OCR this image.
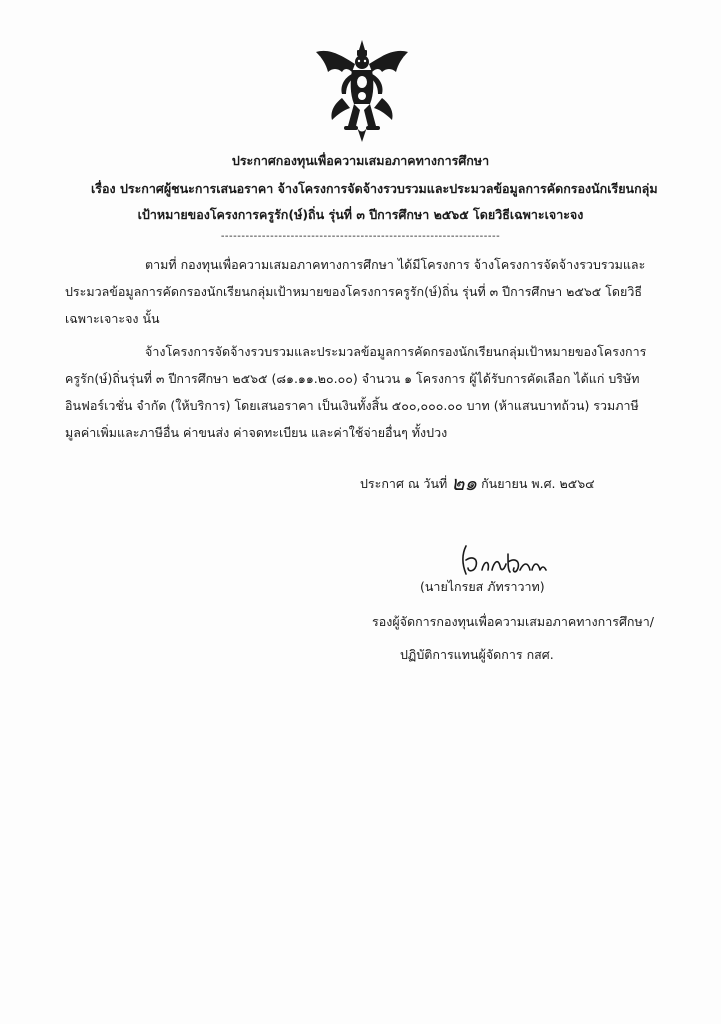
ประกาศกองทุนเพื่อความเสมอภาคทางการศึกษา
เรื่อง ประกาศผู้ชนะการเสนอราคา จ้างโครงการจัดจ้างรวบรวมและประมวลข้อมูลการคัดกรองนักเรียนกลุ่ม
เป้าหมายของโครงการครูรัก(ษ์)ถิ่น รุ่นที่ ๓ ปีการศึกษา ๒๕๖๕ โดยวิธีเฉพาะเจาะจง
--------------------------------------------------------------------
ตามที่ กองทุนเพื่อความเสมอภาคทางการศึกษา ได้มีโครงการ จ้างโครงการจัดจ้างรวบรวมและ
ประมวลข้อมูลการคัดกรองนักเรียนกลุ่มเป้าหมายของโครงการครูรัก(ษ์)ถิ่น รุ่นที่ ๓ ปีการศึกษา ๒๕๖๕ โดยวิธี
เฉพาะเจาะจง นั้น
จ้างโครงการจัดจ้างรวบรวมและประมวลข้อมูลการคัดกรองนักเรียนกลุ่มเป้าหมายของโครงการ
ครูรัก(ษ์)ถิ่นรุ่นที่ ๓ ปีการศึกษา ๒๕๖๕ (๘๑.๑๑.๒๐.๐๐) จำนวน ๑ โครงการ ผู้ได้รับการคัดเลือก ได้แก่ บริษัท
อินฟอร์เวชั่น จำกัด (ให้บริการ) โดยเสนอราคา เป็นเงินทั้งสิ้น ๕๐๐,๐๐๐.๐๐ บาท (ห้าแสนบาทถ้วน) รวมภาษี
มูลค่าเพิ่มและภาษีอื่น ค่าขนส่ง ค่าจดทะเบียน และค่าใช้จ่ายอื่นๆ ทั้งปวง
ประกาศ ณ วันที่ ๒๑ กันยายน พ.ศ. ๒๕๖๔
(นายไกรยส ภัทราวาท)
รองผู้จัดการกองทุนเพื่อความเสมอภาคทางการศึกษา/
ปฏิบัติการแทนผู้จัดการ กสศ.
